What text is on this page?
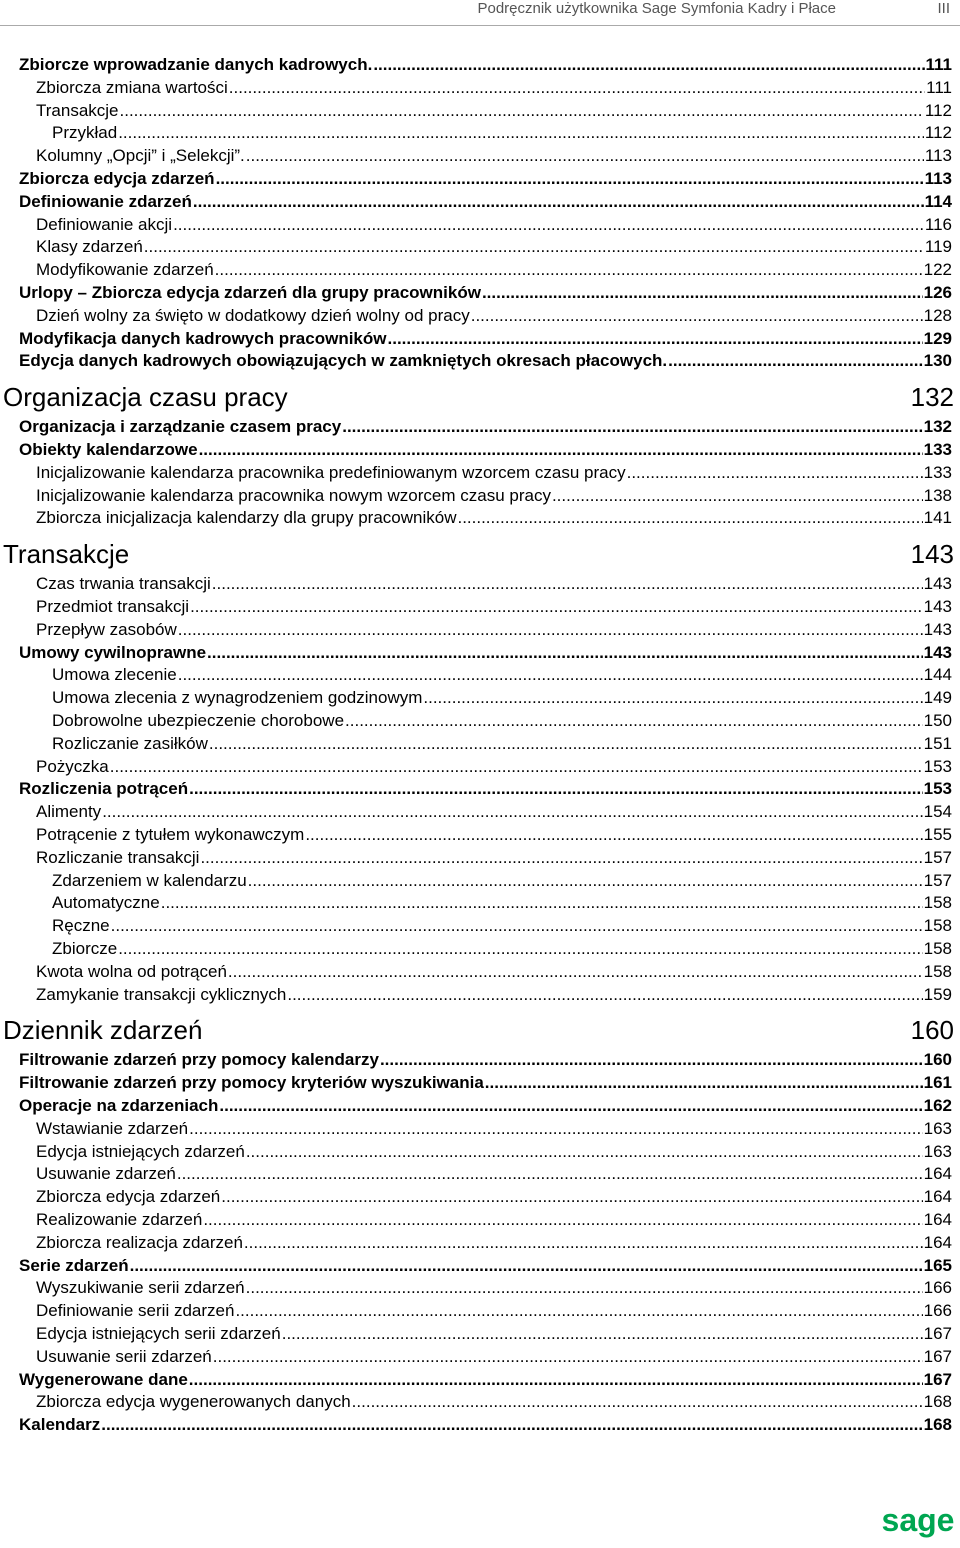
Podręcznik użytkownika Sage Symfonia Kadry i Płace	III
Zbiorcze wprowadzanie danych kadrowych. .....	111
Zbiorcza zmiana wartości .....	111
Transakcje .....	112
Przykład .....	112
Kolumny „Opcji” i „Selekcji”. .....	113
Zbiorcza edycja zdarzeń .....	113
Definiowanie zdarzeń .....	114
Definiowanie akcji .....	116
Klasy zdarzeń .....	119
Modyfikowanie zdarzeń .....	122
Urlopy – Zbiorcza edycja zdarzeń dla grupy pracowników .....	126
Dzień wolny za święto w dodatkowy dzień wolny od pracy .....	128
Modyfikacja danych kadrowych pracowników .....	129
Edycja danych kadrowych obowiązujących w zamkniętych okresach płacowych. .....	130
Organizacja czasu pracy	132
Organizacja i zarządzanie czasem pracy .....	132
Obiekty kalendarzowe .....	133
Inicjalizowanie kalendarza pracownika predefiniowanym wzorcem czasu pracy .....	133
Inicjalizowanie kalendarza pracownika nowym wzorcem czasu pracy .....	138
Zbiorcza inicjalizacja kalendarzy dla grupy pracowników .....	141
Transakcje	143
Czas trwania transakcji .....	143
Przedmiot transakcji .....	143
Przepływ zasobów .....	143
Umowy cywilnoprawne .....	143
Umowa zlecenie .....	144
Umowa zlecenia z wynagrodzeniem godzinowym .....	149
Dobrowolne ubezpieczenie chorobowe .....	150
Rozliczanie zasiłków .....	151
Pożyczka .....	153
Rozliczenia potrąceń .....	153
Alimenty .....	154
Potrącenie z tytułem wykonawczym .....	155
Rozliczanie transakcji .....	157
Zdarzeniem w kalendarzu .....	157
Automatyczne .....	158
Ręczne .....	158
Zbiorcze .....	158
Kwota wolna od potrąceń .....	158
Zamykanie transakcji cyklicznych .....	159
Dziennik zdarzeń	160
Filtrowanie zdarzeń przy pomocy kalendarzy .....	160
Filtrowanie zdarzeń przy pomocy kryteriów wyszukiwania .....	161
Operacje na zdarzeniach .....	162
Wstawianie zdarzeń .....	163
Edycja istniejących zdarzeń .....	163
Usuwanie zdarzeń .....	164
Zbiorcza edycja zdarzeń .....	164
Realizowanie zdarzeń .....	164
Zbiorcza realizacja zdarzeń .....	164
Serie zdarzeń .....	165
Wyszukiwanie serii zdarzeń .....	166
Definiowanie serii zdarzeń .....	166
Edycja istniejących serii zdarzeń .....	167
Usuwanie serii zdarzeń .....	167
Wygenerowane dane .....	167
Zbiorcza edycja wygenerowanych danych .....	168
Kalendarz .....	168
sage
